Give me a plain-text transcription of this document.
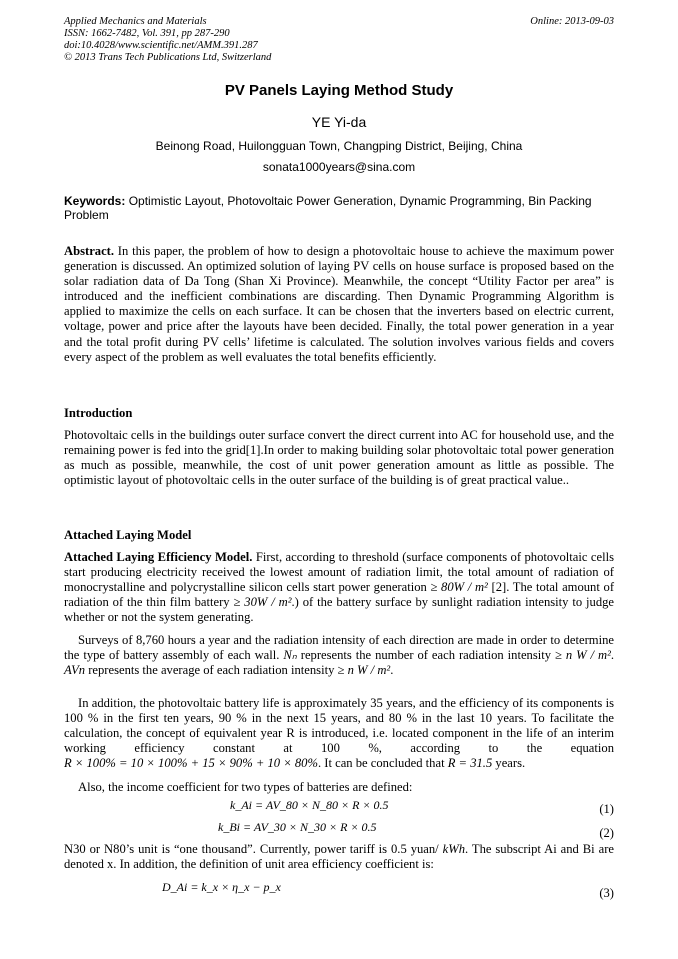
Applied Mechanics and Materials
ISSN: 1662-7482, Vol. 391, pp 287-290
doi:10.4028/www.scientific.net/AMM.391.287
© 2013 Trans Tech Publications Ltd, Switzerland
Online: 2013-09-03
PV Panels Laying Method Study
YE Yi-da
Beinong Road, Huilongguan Town, Changping District, Beijing, China
sonata1000years@sina.com
Keywords: Optimistic Layout, Photovoltaic Power Generation, Dynamic Programming, Bin Packing Problem
Abstract. In this paper, the problem of how to design a photovoltaic house to achieve the maximum power generation is discussed. An optimized solution of laying PV cells on house surface is proposed based on the solar radiation data of Da Tong (Shan Xi Province). Meanwhile, the concept “Utility Factor per area” is introduced and the inefficient combinations are discarding. Then Dynamic Programming Algorithm is applied to maximize the cells on each surface. It can be chosen that the inverters based on electric current, voltage, power and price after the layouts have been decided. Finally, the total power generation in a year and the total profit during PV cells’ lifetime is calculated. The solution involves various fields and covers every aspect of the problem as well evaluates the total benefits efficiently.
Introduction
Photovoltaic cells in the buildings outer surface convert the direct current into AC for household use, and the remaining power is fed into the grid[1].In order to making building solar photovoltaic total power generation as much as possible, meanwhile, the cost of unit power generation amount as little as possible. The optimistic layout of photovoltaic cells in the outer surface of the building is of great practical value..
Attached Laying Model
Attached Laying Efficiency Model. First, according to threshold (surface components of photovoltaic cells start producing electricity received the lowest amount of radiation limit, the total amount of radiation of monocrystalline and polycrystalline silicon cells start power generation ≥ 80W / m² [2]. The total amount of radiation of the thin film battery ≥ 30W / m².) of the battery surface by sunlight radiation intensity to judge whether or not the system generating.
Surveys of 8,760 hours a year and the radiation intensity of each direction are made in order to determine the type of battery assembly of each wall. Nₙ represents the number of each radiation intensity ≥ n W / m². AVn represents the average of each radiation intensity ≥ n W / m².
In addition, the photovoltaic battery life is approximately 35 years, and the efficiency of its components is 100 % in the first ten years, 90 % in the next 15 years, and 80 % in the last 10 years. To facilitate the calculation, the concept of equivalent year R is introduced, i.e. located component in the life of an interim working efficiency constant at 100 %, according to the equation R × 100% = 10 × 100% + 15 × 90% + 10 × 80%. It can be concluded that R = 31.5 years.
Also, the income coefficient for two types of batteries are defined:
k_Ai = AV_80 × N_80 × R × 0.5	(1)
k_Bi = AV_30 × N_30 × R × 0.5	(2)
N30 or N80’s unit is “one thousand”. Currently, power tariff is 0.5 yuan/ kWh. The subscript Ai and Bi are denoted x. In addition, the definition of unit area efficiency coefficient is:
D_Ai = k_x × η_x − p_x	(3)
